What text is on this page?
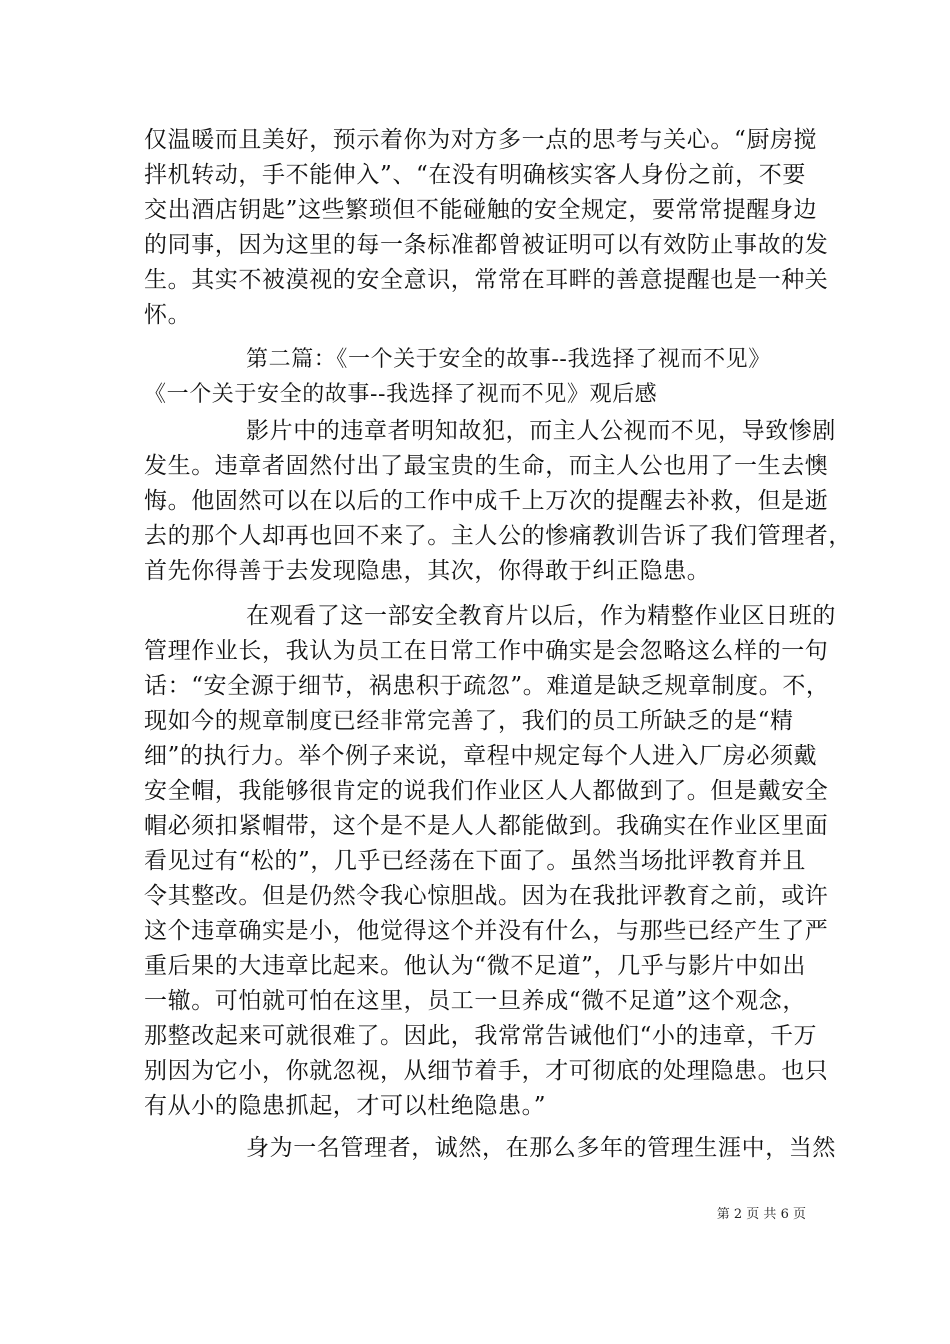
仅温暖而且美好，预示着你为对方多一点的思考与关心。“厨房搅
拌机转动，手不能伸入”、“在没有明确核实客人身份之前，不要
交出酒店钥匙”这些繁琐但不能碰触的安全规定，要常常提醒身边
的同事，因为这里的每一条标准都曾被证明可以有效防止事故的发
生。其实不被漠视的安全意识，常常在耳畔的善意提醒也是一种关
怀。
第二篇：《一个关于安全的故事--我选择了视而不见》
《一个关于安全的故事--我选择了视而不见》观后感
影片中的违章者明知故犯，而主人公视而不见，导致惨剧
发生。违章者固然付出了最宝贵的生命，而主人公也用了一生去懊
悔。他固然可以在以后的工作中成千上万次的提醒去补救，但是逝
去的那个人却再也回不来了。主人公的惨痛教训告诉了我们管理者，
首先你得善于去发现隐患，其次，你得敢于纠正隐患。
在观看了这一部安全教育片以后，作为精整作业区日班的
管理作业长，我认为员工在日常工作中确实是会忽略这么样的一句
话：“安全源于细节，祸患积于疏忽”。难道是缺乏规章制度。不，
现如今的规章制度已经非常完善了，我们的员工所缺乏的是“精
细”的执行力。举个例子来说，章程中规定每个人进入厂房必须戴
安全帽，我能够很肯定的说我们作业区人人都做到了。但是戴安全
帽必须扣紧帽带，这个是不是人人都能做到。我确实在作业区里面
看见过有“松的”，几乎已经荡在下面了。虽然当场批评教育并且
令其整改。但是仍然令我心惊胆战。因为在我批评教育之前，或许
这个违章确实是小，他觉得这个并没有什么，与那些已经产生了严
重后果的大违章比起来。他认为“微不足道”，几乎与影片中如出
一辙。可怕就可怕在这里，员工一旦养成“微不足道”这个观念，
那整改起来可就很难了。因此，我常常告诫他们“小的违章，千万
别因为它小，你就忽视，从细节着手，才可彻底的处理隐患。也只
有从小的隐患抓起，才可以杜绝隐患。”
身为一名管理者，诚然，在那么多年的管理生涯中，当然
第 2 页 共 6 页
